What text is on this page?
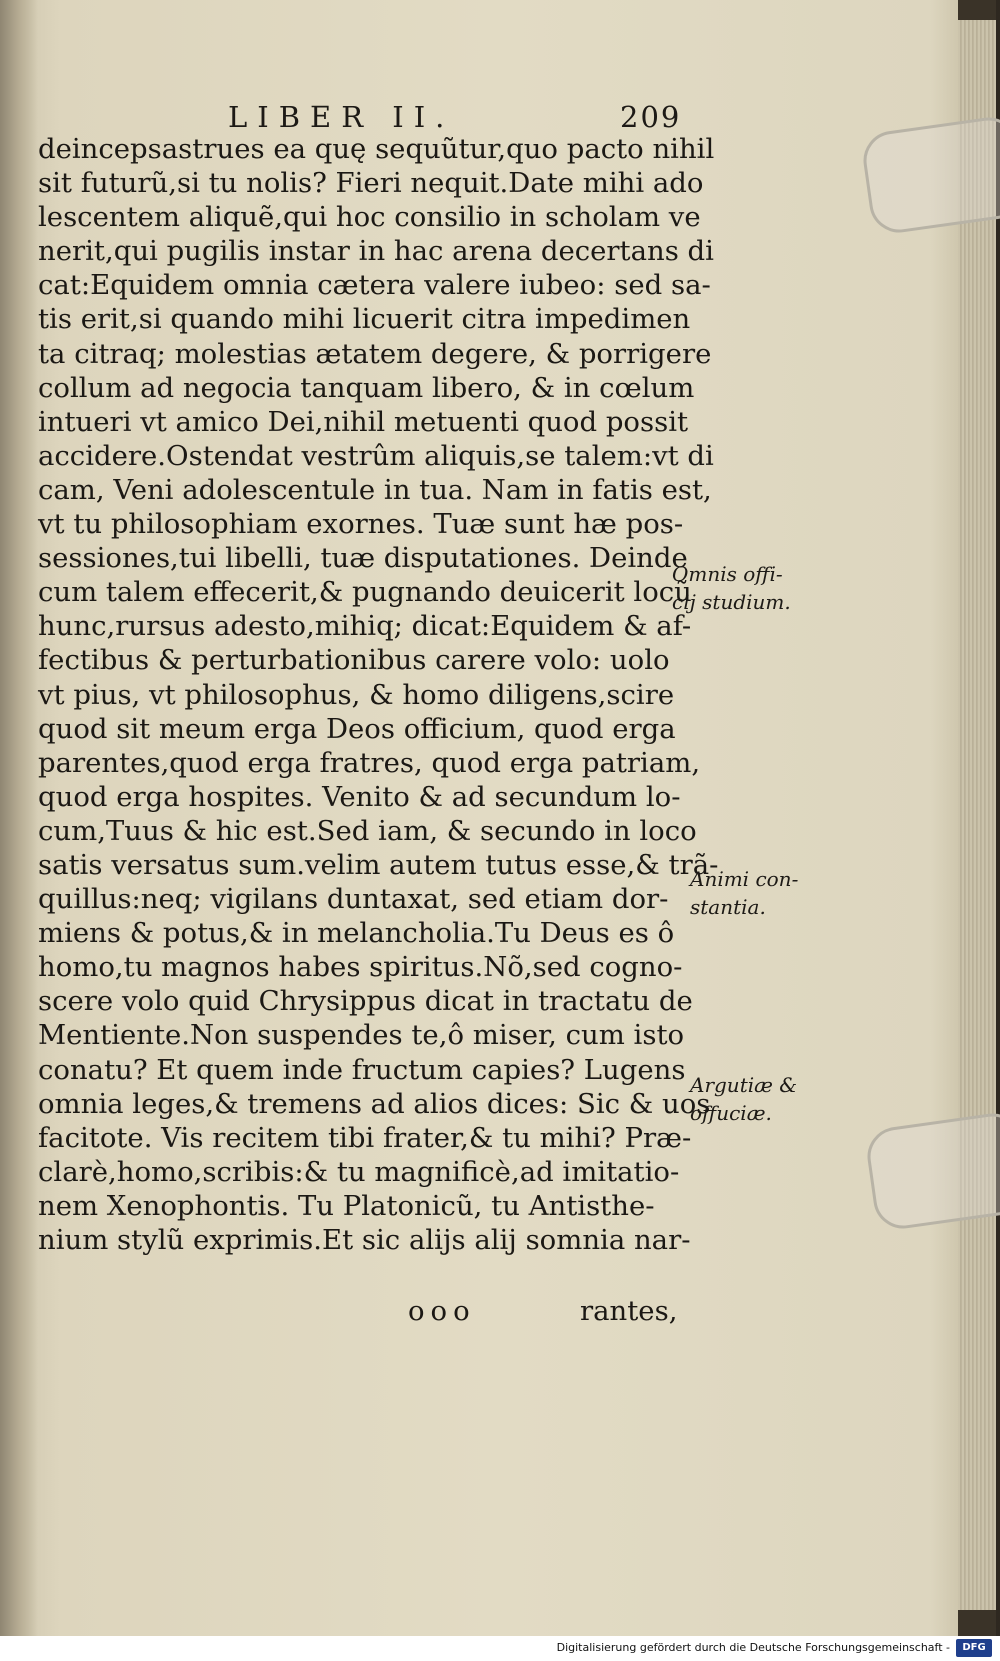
LIBER II.	209
deincepsastrues ea quę sequũtur,quo pacto nihil
sit futurũ,si tu nolis? Fieri nequit.Date mihi ado
lescentem aliquẽ,qui hoc consilio in scholam ve
nerit,qui pugilis instar in hac arena decertans di
cat:Equidem omnia cætera valere iubeo: sed sa-
tis erit,si quando mihi licuerit citra impedimen
ta citraq; molestias ætatem degere, & porrigere
collum ad negocia tanquam libero, & in cœlum
intueri vt amico Dei,nihil metuenti quod possit
accidere.Ostendat vestrûm aliquis,se talem:vt di
cam, Veni adolescentule in tua. Nam in fatis est,
vt tu philosophiam exornes. Tuæ sunt hæ pos-
sessiones,tui libelli, tuæ disputationes. Deinde
cum talem effecerit,& pugnando deuicerit locũ
hunc,rursus adesto,mihiq; dicat:Equidem & af-
fectibus & perturbationibus carere volo: uolo
vt pius, vt philosophus, & homo diligens,scire
quod sit meum erga Deos officium, quod erga
parentes,quod erga fratres, quod erga patriam,
quod erga hospites. Venito & ad secundum lo-
cum,Tuus & hic est.Sed iam, & secundo in loco
satis versatus sum.velim autem tutus esse,& trã-
quillus:neq; vigilans duntaxat, sed etiam dor-
miens & potus,& in melancholia.Tu Deus es ô
homo,tu magnos habes spiritus.Nõ,sed cogno-
scere volo quid Chrysippus dicat in tractatu de
Mentiente.Non suspendes te,ô miser, cum isto
conatu? Et quem inde fructum capies? Lugens
omnia leges,& tremens ad alios dices: Sic & uos
facitote. Vis recitem tibi frater,& tu mihi? Præ-
clarè,homo,scribis:& tu magnificè,ad imitatio-
nem Xenophontis. Tu Platonicũ, tu Antisthe-
nium stylũ exprimis.Et sic alijs alij somnia nar-
Omnis offi-
cij studium.
Animi con-
stantia.
Argutiæ &
offuciæ.
ooo	rantes,
Digitalisierung gefördert durch die Deutsche Forschungsgemeinschaft -	DFG
